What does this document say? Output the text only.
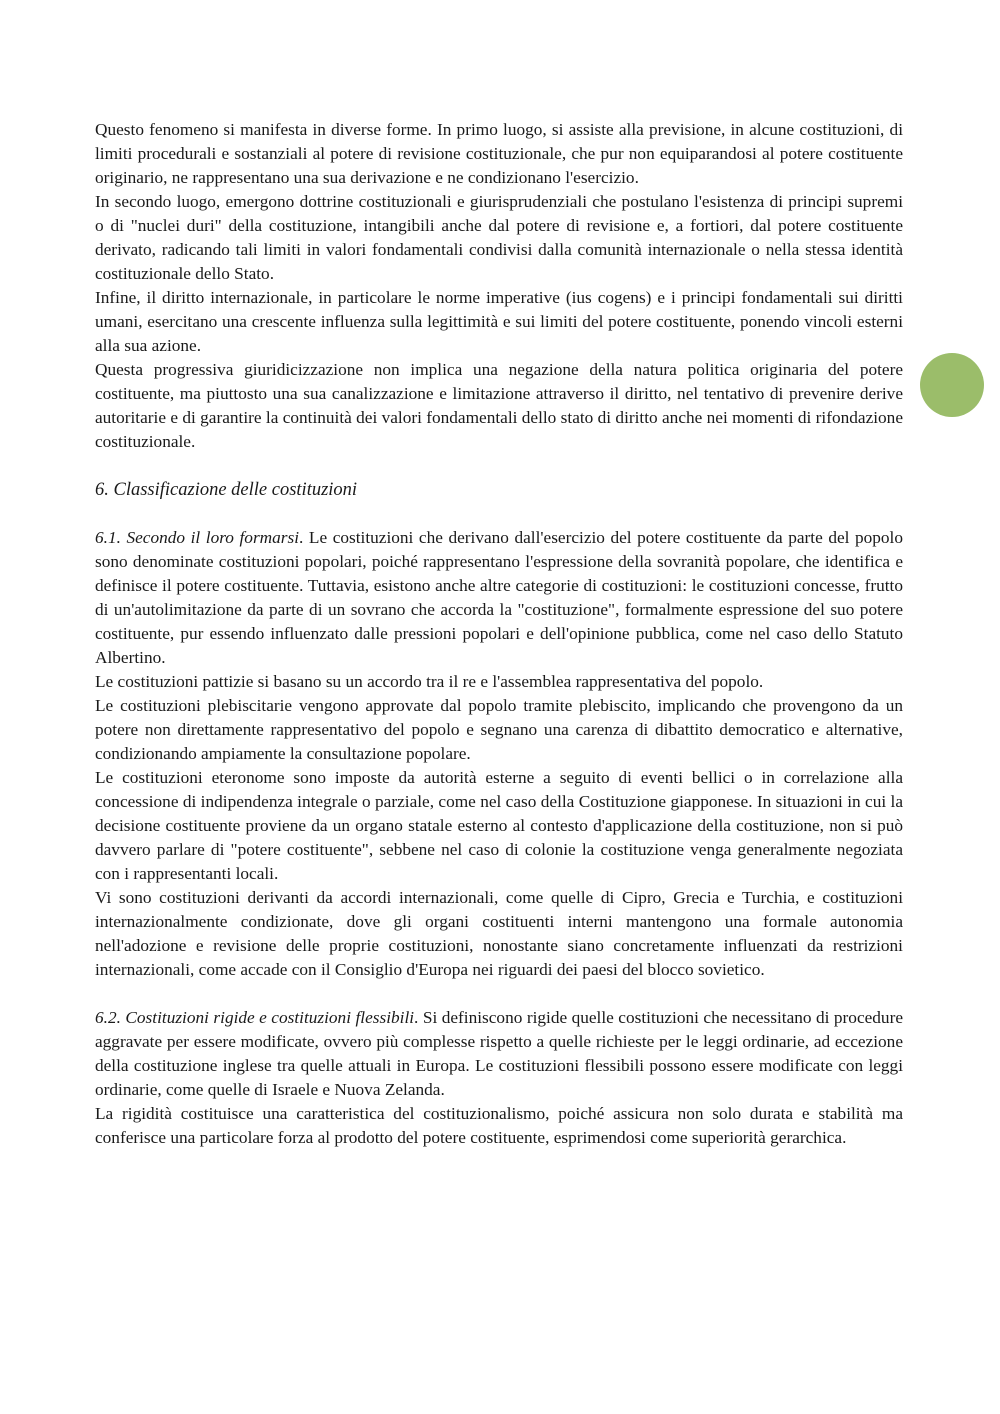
Questo fenomeno si manifesta in diverse forme. In primo luogo, si assiste alla previsione, in alcune costituzioni, di limiti procedurali e sostanziali al potere di revisione costituzionale, che pur non equiparandosi al potere costituente originario, ne rappresentano una sua derivazione e ne condizionano l'esercizio.

In secondo luogo, emergono dottrine costituzionali e giurisprudenziali che postulano l'esistenza di principi supremi o di "nuclei duri" della costituzione, intangibili anche dal potere di revisione e, a fortiori, dal potere costituente derivato, radicando tali limiti in valori fondamentali condivisi dalla comunità internazionale o nella stessa identità costituzionale dello Stato.

Infine, il diritto internazionale, in particolare le norme imperative (ius cogens) e i principi fondamentali sui diritti umani, esercitano una crescente influenza sulla legittimità e sui limiti del potere costituente, ponendo vincoli esterni alla sua azione.

Questa progressiva giuridicizzazione non implica una negazione della natura politica originaria del potere costituente, ma piuttosto una sua canalizzazione e limitazione attraverso il diritto, nel tentativo di prevenire derive autoritarie e di garantire la continuità dei valori fondamentali dello stato di diritto anche nei momenti di rifondazione costituzionale.

6. Classificazione delle costituzioni

6.1. Secondo il loro formarsi. Le costituzioni che derivano dall'esercizio del potere costituente da parte del popolo sono denominate costituzioni popolari, poiché rappresentano l'espressione della sovranità popolare, che identifica e definisce il potere costituente. Tuttavia, esistono anche altre categorie di costituzioni: le costituzioni concesse, frutto di un'autolimitazione da parte di un sovrano che accorda la "costituzione", formalmente espressione del suo potere costituente, pur essendo influenzato dalle pressioni popolari e dell'opinione pubblica, come nel caso dello Statuto Albertino.

Le costituzioni pattizie si basano su un accordo tra il re e l'assemblea rappresentativa del popolo.

Le costituzioni plebiscitarie vengono approvate dal popolo tramite plebiscito, implicando che provengono da un potere non direttamente rappresentativo del popolo e segnano una carenza di dibattito democratico e alternative, condizionando ampiamente la consultazione popolare.

Le costituzioni eteronome sono imposte da autorità esterne a seguito di eventi bellici o in correlazione alla concessione di indipendenza integrale o parziale, come nel caso della Costituzione giapponese. In situazioni in cui la decisione costituente proviene da un organo statale esterno al contesto d'applicazione della costituzione, non si può davvero parlare di "potere costituente", sebbene nel caso di colonie la costituzione venga generalmente negoziata con i rappresentanti locali.

Vi sono costituzioni derivanti da accordi internazionali, come quelle di Cipro, Grecia e Turchia, e costituzioni internazionalmente condizionate, dove gli organi costituenti interni mantengono una formale autonomia nell'adozione e revisione delle proprie costituzioni, nonostante siano concretamente influenzati da restrizioni internazionali, come accade con il Consiglio d'Europa nei riguardi dei paesi del blocco sovietico.

6.2. Costituzioni rigide e costituzioni flessibili. Si definiscono rigide quelle costituzioni che necessitano di procedure aggravate per essere modificate, ovvero più complesse rispetto a quelle richieste per le leggi ordinarie, ad eccezione della costituzione inglese tra quelle attuali in Europa. Le costituzioni flessibili possono essere modificate con leggi ordinarie, come quelle di Israele e Nuova Zelanda.

La rigidità costituisce una caratteristica del costituzionalismo, poiché assicura non solo durata e stabilità ma conferisce una particolare forza al prodotto del potere costituente, esprimendosi come superiorità gerarchica.
